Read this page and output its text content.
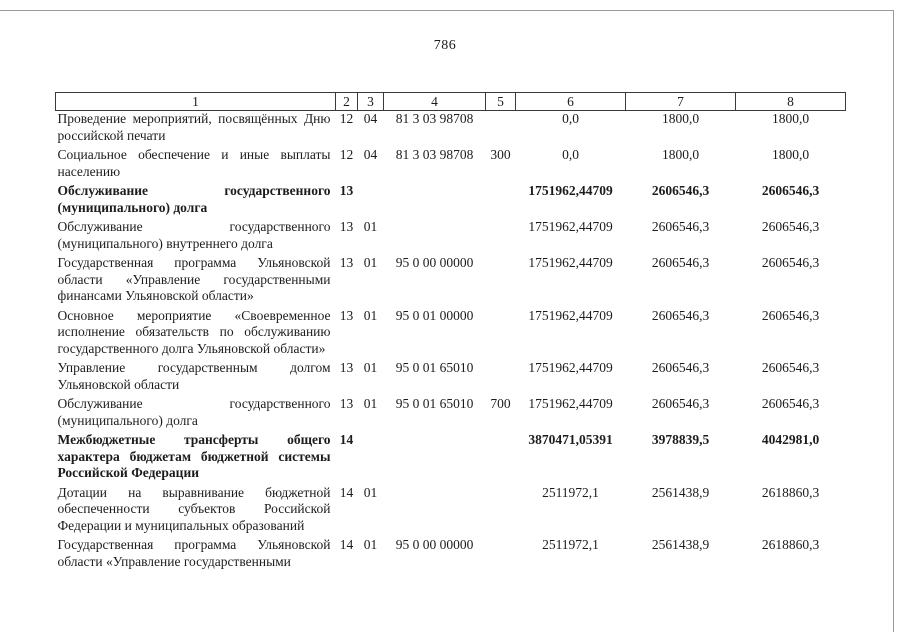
786
1	2	3	4	5	6	7	8
Проведение мероприятий, посвящённых Дню российской печати	12	04	81 3 03 98708		0,0	1800,0	1800,0
Социальное обеспечение и иные выплаты населению	12	04	81 3 03 98708	300	0,0	1800,0	1800,0
Обслуживание государственного (муниципального) долга	13				1751962,44709	2606546,3	2606546,3
Обслуживание государственного (муниципального) внутреннего долга	13	01			1751962,44709	2606546,3	2606546,3
Государственная программа Ульяновской области «Управление государственными финансами Ульяновской области»	13	01	95 0 00 00000		1751962,44709	2606546,3	2606546,3
Основное мероприятие «Своевременное исполнение обязательств по обслуживанию государственного долга Ульяновской области»	13	01	95 0 01 00000		1751962,44709	2606546,3	2606546,3
Управление государственным долгом Ульяновской области	13	01	95 0 01 65010		1751962,44709	2606546,3	2606546,3
Обслуживание государственного (муниципального) долга	13	01	95 0 01 65010	700	1751962,44709	2606546,3	2606546,3
Межбюджетные трансферты общего характера бюджетам бюджетной системы Российской Федерации	14				3870471,05391	3978839,5	4042981,0
Дотации на выравнивание бюджетной обеспеченности субъектов Российской Федерации и муниципальных образований	14	01			2511972,1	2561438,9	2618860,3
Государственная программа Ульяновской области «Управление государственными	14	01	95 0 00 00000		2511972,1	2561438,9	2618860,3
